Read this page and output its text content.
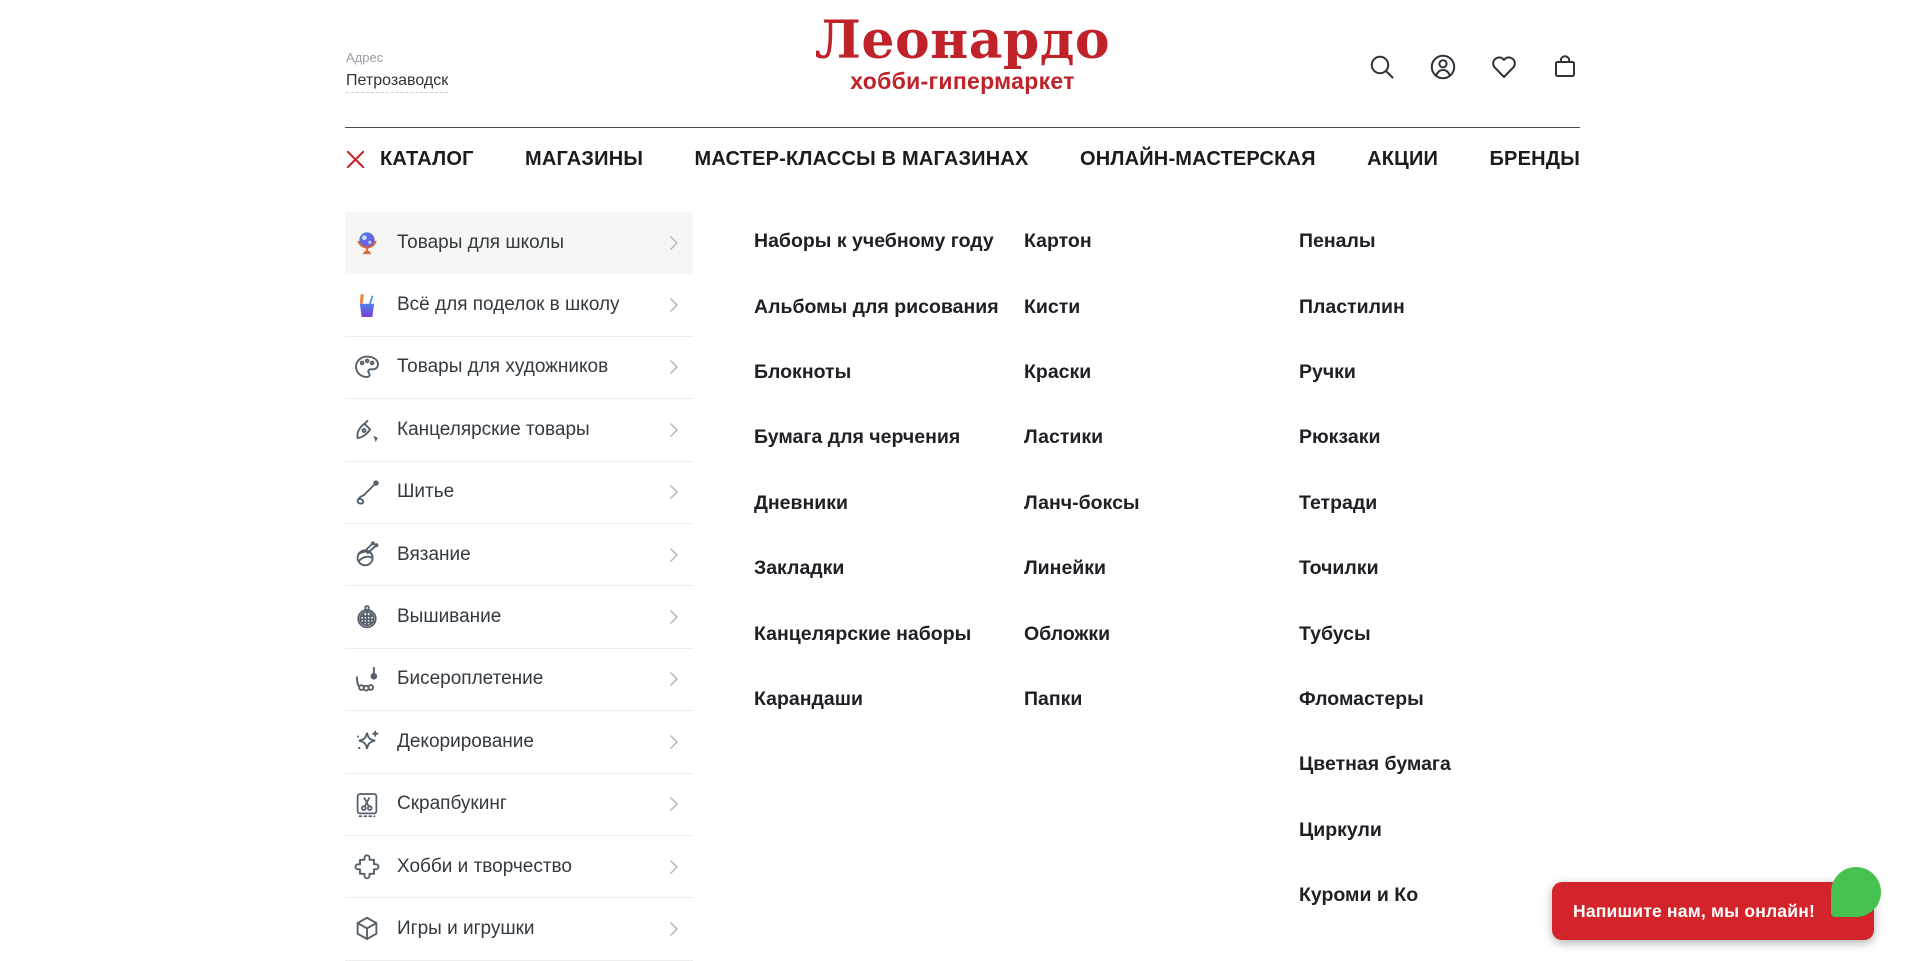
Адрес
Петрозаводск
Леонардо
хобби-гипермаркет
КАТАЛОГ	МАГАЗИНЫ	МАСТЕР-КЛАССЫ В МАГАЗИНАХ	ОНЛАЙН-МАСТЕРСКАЯ	АКЦИИ	БРЕНДЫ
Товары для школы
Всё для поделок в школу
Товары для художников
Канцелярские товары
Шитье
Вязание
Вышивание
Бисероплетение
Декорирование
Скрапбукинг
Хобби и творчество
Игры и игрушки
Наборы к учебному году
Альбомы для рисования
Блокноты
Бумага для черчения
Дневники
Закладки
Канцелярские наборы
Карандаши
Картон
Кисти
Краски
Ластики
Ланч-боксы
Линейки
Обложки
Папки
Пеналы
Пластилин
Ручки
Рюкзаки
Тетради
Точилки
Тубусы
Фломастеры
Цветная бумага
Циркули
Куроми и Ко
Напишите нам, мы онлайн!
